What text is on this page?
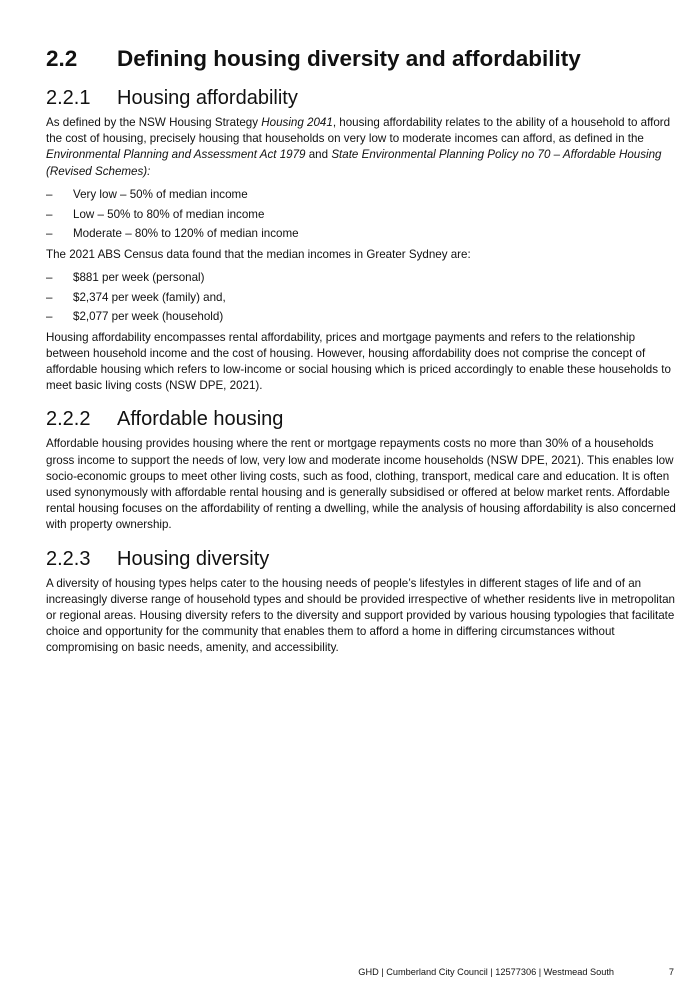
2.2 Defining housing diversity and affordability
2.2.1 Housing affordability

As defined by the NSW Housing Strategy Housing 2041, housing affordability relates to the ability of a household to afford the cost of housing, precisely housing that households on very low to moderate incomes can afford, as defined in the Environmental Planning and Assessment Act 1979 and State Environmental Planning Policy no 70 – Affordable Housing (Revised Schemes):

– Very low – 50% of median income
– Low – 50% to 80% of median income
– Moderate – 80% to 120% of median income

The 2021 ABS Census data found that the median incomes in Greater Sydney are:

– $881 per week (personal)
– $2,374 per week (family) and,
– $2,077 per week (household)

Housing affordability encompasses rental affordability, prices and mortgage payments and refers to the relationship between household income and the cost of housing. However, housing affordability does not comprise the concept of affordable housing which refers to low-income or social housing which is priced accordingly to enable these households to meet basic living costs (NSW DPE, 2021).

2.2.2 Affordable housing

Affordable housing provides housing where the rent or mortgage repayments costs no more than 30% of a households gross income to support the needs of low, very low and moderate income households (NSW DPE, 2021). This enables low socio-economic groups to meet other living costs, such as food, clothing, transport, medical care and education. It is often used synonymously with affordable rental housing and is generally subsidised or offered at below market rents. Affordable rental housing focuses on the affordability of renting a dwelling, while the analysis of housing affordability is also concerned with property ownership.

2.2.3 Housing diversity

A diversity of housing types helps cater to the housing needs of people’s lifestyles in different stages of life and of an increasingly diverse range of household types and should be provided irrespective of whether residents live in metropolitan or regional areas. Housing diversity refers to the diversity and support provided by various housing typologies that facilitate choice and opportunity for the community that enables them to afford a home in differing circumstances without compromising on basic needs, amenity, and accessibility.

GHD | Cumberland City Council | 12577306 | Westmead South	7
